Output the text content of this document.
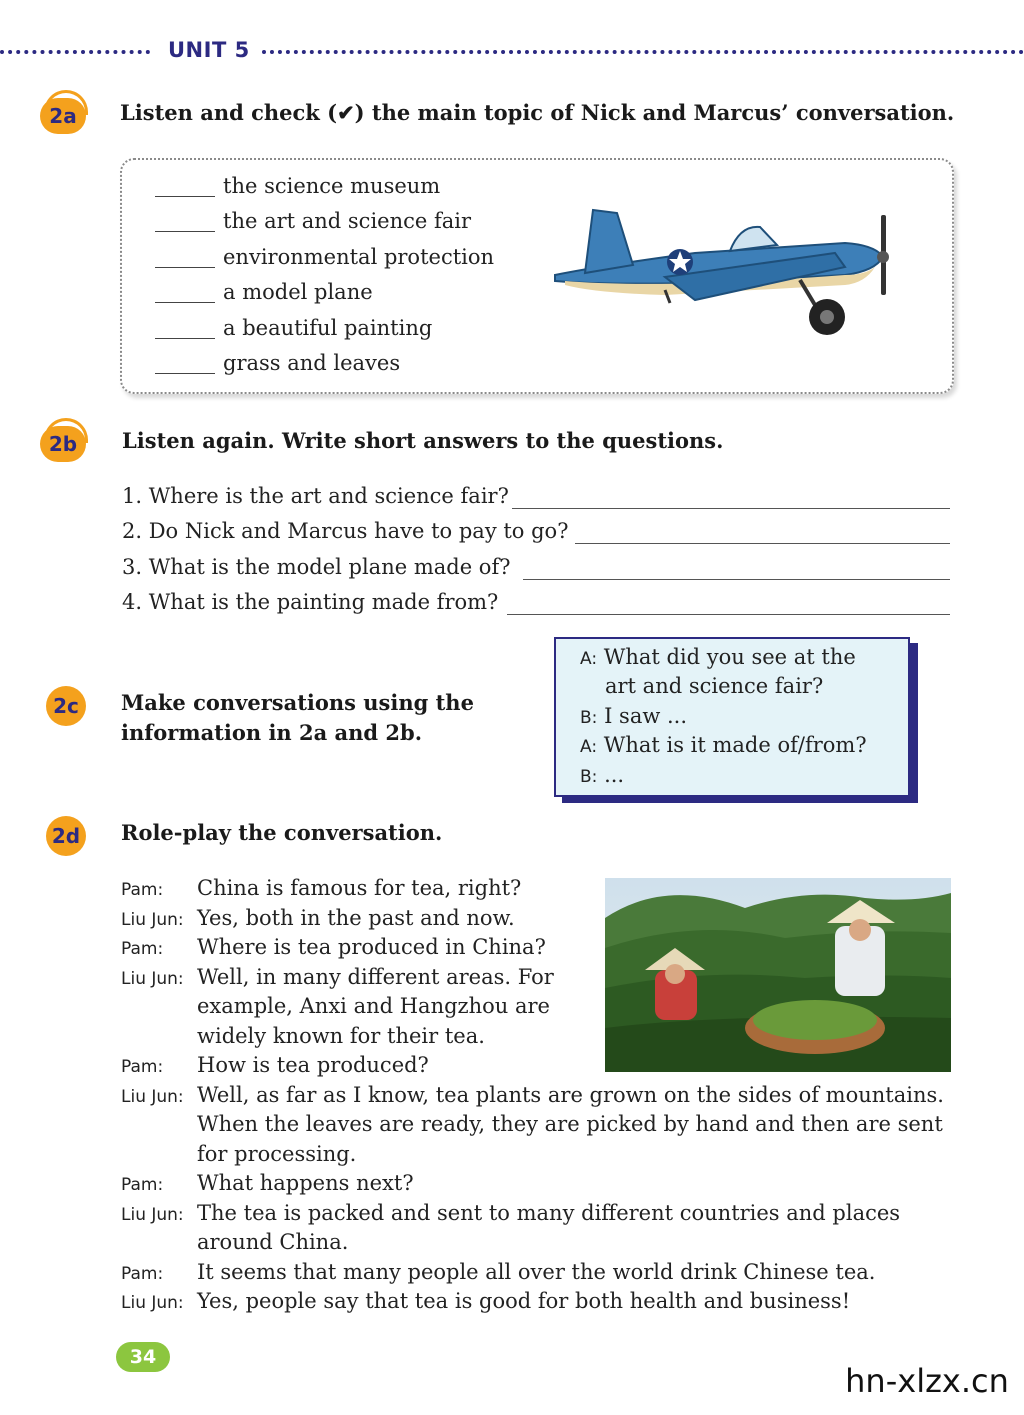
UNIT 5
2a	Listen and check (✔) the main topic of Nick and Marcus’ conversation.
the science museum
the art and science fair
environmental protection
a model plane
a beautiful painting
grass and leaves
2b	Listen again. Write short answers to the questions.
1. Where is the art and science fair?
2. Do Nick and Marcus have to pay to go?
3. What is the model plane made of?
4. What is the painting made from?
2c	Make conversations using the
information in 2a and 2b.
A: What did you see at the
art and science fair?
B: I saw ...
A: What is it made of/from?
B: ...
2d Role-play the conversation.
Pam: China is famous for tea, right?
Liu Jun: Yes, both in the past and now.
Pam: Where is tea produced in China?
Liu Jun: Well, in many different areas. For
example, Anxi and Hangzhou are
widely known for their tea.
Pam: How is tea produced?
Liu Jun: Well, as far as I know, tea plants are grown on the sides of mountains.
When the leaves are ready, they are picked by hand and then are sent
for processing.
Pam: What happens next?
Liu Jun: The tea is packed and sent to many different countries and places
around China.
Pam: It seems that many people all over the world drink Chinese tea.
Liu Jun: Yes, people say that tea is good for both health and business!
34
hn-xlzx.cn
